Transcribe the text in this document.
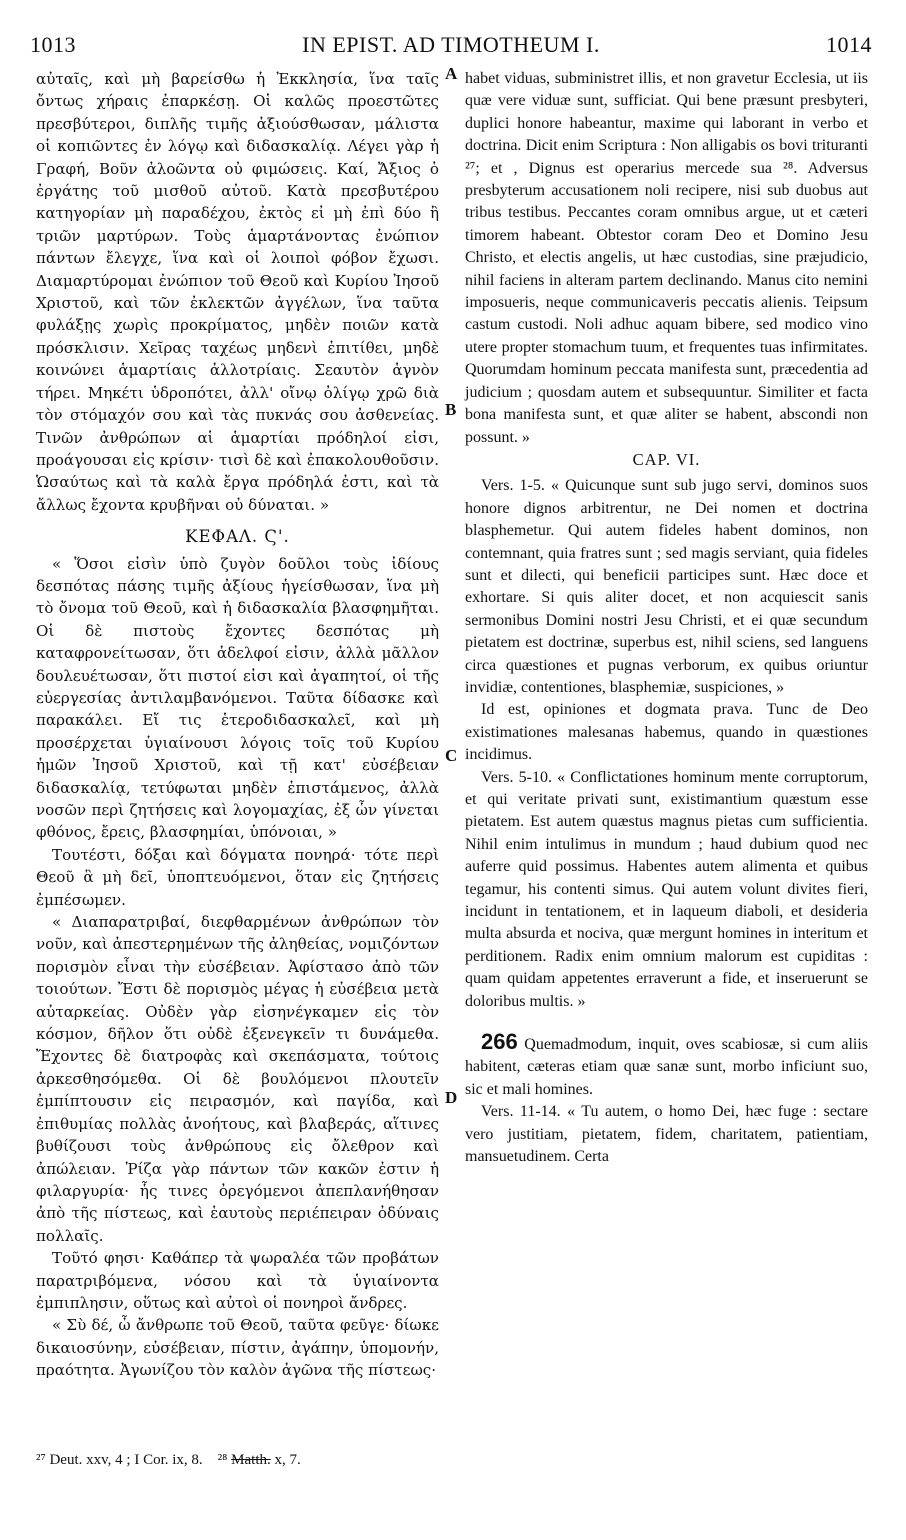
1013	IN EPIST. AD TIMOTHEUM I.	1014

αὐταῖς, καὶ μὴ βαρείσθω ἡ Ἐκκλησία, ἵνα ταῖς ὄντως χήραις ἐπαρκέσῃ. Οἱ καλῶς προεστῶτες πρεσβύτεροι, διπλῆς τιμῆς ἀξιούσθωσαν, μάλιστα οἱ κοπιῶντες ἐν λόγῳ καὶ διδασκαλίᾳ. Λέγει γὰρ ἡ Γραφή, Βοῦν ἀλοῶντα οὐ φιμώσεις. Καί, Ἄξιος ὁ ἐργάτης τοῦ μισθοῦ αὐτοῦ. Κατὰ πρεσβυτέρου κατηγορίαν μὴ παραδέχου, ἐκτὸς εἰ μὴ ἐπὶ δύο ἢ τριῶν μαρτύρων. Τοὺς ἁμαρτάνοντας ἐνώπιον πάντων ἔλεγχε, ἵνα καὶ οἱ λοιποὶ φόβον ἔχωσι. Διαμαρτύρομαι ἐνώπιον τοῦ Θεοῦ καὶ Κυρίου Ἰησοῦ Χριστοῦ, καὶ τῶν ἐκλεκτῶν ἀγγέλων, ἵνα ταῦτα φυλάξῃς χωρὶς προκρίματος, μηδὲν ποιῶν κατὰ πρόσκλισιν. Χεῖρας ταχέως μηδενὶ ἐπιτίθει, μηδὲ κοινώνει ἁμαρτίαις ἀλλοτρίαις. Σεαυτὸν ἁγνὸν τήρει. Μηκέτι ὑδροπότει, ἀλλ' οἴνῳ ὀλίγῳ χρῶ διὰ τὸν στόμαχόν σου καὶ τὰς πυκνάς σου ἀσθενείας. Τινῶν ἀνθρώπων αἱ ἁμαρτίαι πρόδηλοί εἰσι, προάγουσαι εἰς κρίσιν· τισὶ δὲ καὶ ἐπακολουθοῦσιν. Ὡσαύτως καὶ τὰ καλὰ ἔργα πρόδηλά ἐστι, καὶ τὰ ἄλλως ἔχοντα κρυβῆναι οὐ δύναται. »

ΚΕΦΑΛ. Ϛ'.

« Ὅσοι εἰσὶν ὑπὸ ζυγὸν δοῦλοι τοὺς ἰδίους δεσπότας πάσης τιμῆς ἀξίους ἡγείσθωσαν, ἵνα μὴ τὸ ὄνομα τοῦ Θεοῦ, καὶ ἡ διδασκαλία βλασφημῆται. Οἱ δὲ πιστοὺς ἔχοντες δεσπότας μὴ καταφρονείτωσαν, ὅτι ἀδελφοί εἰσιν, ἀλλὰ μᾶλλον δουλευέτωσαν, ὅτι πιστοί εἰσι καὶ ἀγαπητοί, οἱ τῆς εὐεργεσίας ἀντιλαμβανόμενοι. Ταῦτα δίδασκε καὶ παρακάλει. Εἴ τις ἑτεροδιδασκαλεῖ, καὶ μὴ προσέρχεται ὑγιαίνουσι λόγοις τοῖς τοῦ Κυρίου ἡμῶν Ἰησοῦ Χριστοῦ, καὶ τῇ κατ' εὐσέβειαν διδασκαλίᾳ, τετύφωται μηδὲν ἐπιστάμενος, ἀλλὰ νοσῶν περὶ ζητήσεις καὶ λογομαχίας, ἐξ ὧν γίνεται φθόνος, ἔρεις, βλασφημίαι, ὑπόνοιαι, »

Τουτέστι, δόξαι καὶ δόγματα πονηρά· τότε περὶ Θεοῦ ἃ μὴ δεῖ, ὑποπτευόμενοι, ὅταν εἰς ζητήσεις ἐμπέσωμεν.

« Διαπαρατριβαί, διεφθαρμένων ἀνθρώπων τὸν νοῦν, καὶ ἀπεστερημένων τῆς ἀληθείας, νομιζόντων πορισμὸν εἶναι τὴν εὐσέβειαν. Ἀφίστασο ἀπὸ τῶν τοιούτων. Ἔστι δὲ πορισμὸς μέγας ἡ εὐσέβεια μετὰ αὐταρκείας. Οὐδὲν γὰρ εἰσηνέγκαμεν εἰς τὸν κόσμον, δῆλον ὅτι οὐδὲ ἐξενεγκεῖν τι δυνάμεθα. Ἔχοντες δὲ διατροφὰς καὶ σκεπάσματα, τούτοις ἀρκεσθησόμεθα. Οἱ δὲ βουλόμενοι πλουτεῖν ἐμπίπτουσιν εἰς πειρασμόν, καὶ παγίδα, καὶ ἐπιθυμίας πολλὰς ἀνοήτους, καὶ βλαβεράς, αἵτινες βυθίζουσι τοὺς ἀνθρώπους εἰς ὄλεθρον καὶ ἀπώλειαν. Ῥίζα γὰρ πάντων τῶν κακῶν ἐστιν ἡ φιλαργυρία· ἧς τινες ὀρεγόμενοι ἀπεπλανήθησαν ἀπὸ τῆς πίστεως, καὶ ἑαυτοὺς περιέπειραν ὀδύναις πολλαῖς.

Τοῦτό φησι· Καθάπερ τὰ ψωραλέα τῶν προβάτων παρατριβόμενα, νόσου καὶ τὰ ὑγιαίνοντα ἐμπιπλησιν, οὕτως καὶ αὐτοὶ οἱ πονηροὶ ἄνδρες.

« Σὺ δέ, ὦ ἄνθρωπε τοῦ Θεοῦ, ταῦτα φεῦγε· δίωκε δικαιοσύνην, εὐσέβειαν, πίστιν, ἀγάπην, ὑπομονήν, πραότητα. Ἀγωνίζου τὸν καλὸν ἀγῶνα τῆς πίστεως·

A
B
C
D

habet viduas, subministret illis, et non gravetur Ecclesia, ut iis quæ vere viduæ sunt, sufficiat. Qui bene præsunt presbyteri, duplici honore habeantur, maxime qui laborant in verbo et doctrina. Dicit enim Scriptura : Non alligabis os bovi trituranti ²⁷; et , Dignus est operarius mercede sua ²⁸. Adversus presbyterum accusationem noli recipere, nisi sub duobus aut tribus testibus. Peccantes coram omnibus argue, ut et cæteri timorem habeant. Obtestor coram Deo et Domino Jesu Christo, et electis angelis, ut hæc custodias, sine præjudicio, nihil faciens in alteram partem declinando. Manus cito nemini imposueris, neque communicaveris peccatis alienis. Teipsum castum custodi. Noli adhuc aquam bibere, sed modico vino utere propter stomachum tuum, et frequentes tuas infirmitates. Quorumdam hominum peccata manifesta sunt, præcedentia ad judicium ; quosdam autem et subsequuntur. Similiter et facta bona manifesta sunt, et quæ aliter se habent, abscondi non possunt. »

CAP. VI.

Vers. 1-5. « Quicunque sunt sub jugo servi, dominos suos honore dignos arbitrentur, ne Dei nomen et doctrina blasphemetur. Qui autem fideles habent dominos, non contemnant, quia fratres sunt ; sed magis serviant, quia fideles sunt et dilecti, qui beneficii participes sunt. Hæc doce et exhortare. Si quis aliter docet, et non acquiescit sanis sermonibus Domini nostri Jesu Christi, et ei quæ secundum pietatem est doctrinæ, superbus est, nihil sciens, sed languens circa quæstiones et pugnas verborum, ex quibus oriuntur invidiæ, contentiones, blasphemiæ, suspiciones, »

Id est, opiniones et dogmata prava. Tunc de Deo existimationes malesanas habemus, quando in quæstiones incidimus.

Vers. 5-10. « Conflictationes hominum mente corruptorum, et qui veritate privati sunt, existimantium quæstum esse pietatem. Est autem quæstus magnus pietas cum sufficientia. Nihil enim intulimus in mundum ; haud dubium quod nec auferre quid possimus. Habentes autem alimenta et quibus tegamur, his contenti simus. Qui autem volunt divites fieri, incidunt in tentationem, et in laqueum diaboli, et desideria multa absurda et nociva, quæ mergunt homines in interitum et perditionem. Radix enim omnium malorum est cupiditas : quam quidam appetentes erraverunt a fide, et inseruerunt se doloribus multis. »

266 Quemadmodum, inquit, oves scabiosæ, si cum aliis habitent, cæteras etiam quæ sanæ sunt, morbo inficiunt suo, sic et mali homines.

Vers. 11-14. « Tu autem, o homo Dei, hæc fuge : sectare vero justitiam, pietatem, fidem, charitatem, patientiam, mansuetudinem. Certa

²⁷ Deut. xxv, 4 ; I Cor. ix, 8. ²⁸ Matth. x, 7.
